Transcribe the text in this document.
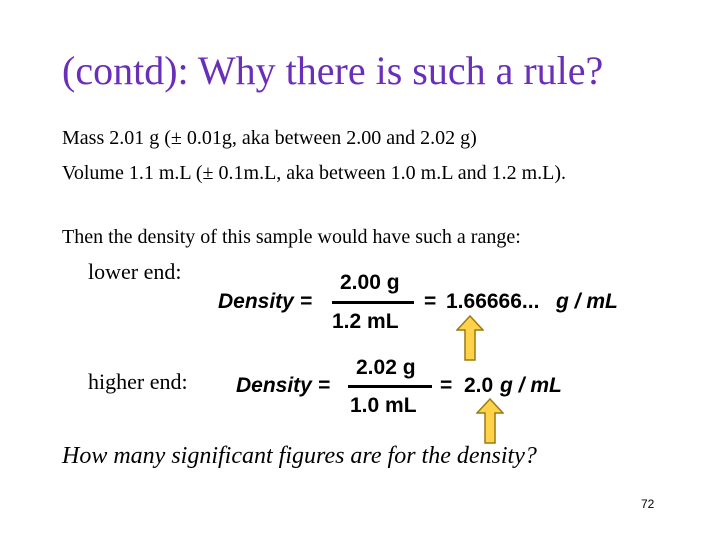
(contd): Why there is such a rule?
Mass 2.01 g (± 0.01g, aka between 2.00 and 2.02 g)
Volume 1.1 m.L (± 0.1m.L, aka between 1.0 m.L and 1.2 m.L).
Then the density of this sample would have such a range:
lower end:
Density =
2.00 g
1.2 mL
= 1.66666... g / mL
higher end: Density =
2.02 g
1.0 mL
= 2.0 g / mL
How many significant figures are for the density?
72
